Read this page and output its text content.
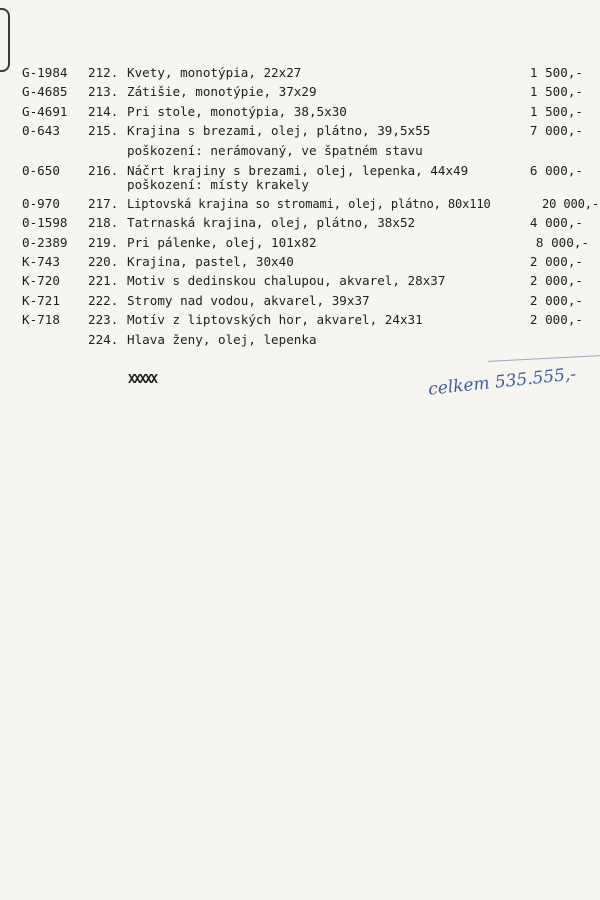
G-1984 212. Kvety, monotýpia, 22x27	1 500,-
G-4685 213. Zátišie, monotýpie, 37x29	1 500,-
G-4691 214. Pri stole, monotýpia, 38,5x30	1 500,-
0-643 215. Krajina s brezami, olej, plátno, 39,5x55	7 000,-
poškození: nerámovaný, ve špatném stavu
0-650 216. Náčrt krajiny s brezami, olej, lepenka, 44x49	6 000,-
poškození: místy krakely
0-970 217. Liptovská krajina so stromami, olej, plátno, 80x110	20 000,-
0-1598 218. Tatrnaská krajina, olej, plátno, 38x52	4 000,-
0-2389 219. Pri pálenke, olej, 101x82	8 000,-
K-743 220. Krajina, pastel, 30x40	2 000,-
K-720 221. Motiv s dedinskou chalupou, akvarel, 28x37	2 000,-
K-721 222. Stromy nad vodou, akvarel, 39x37	2 000,-
K-718 223. Motív z liptovských hor, akvarel, 24x31	2 000,-
224. Hlava ženy, olej, lepenka
XXXXX	celkem 535.555,-
